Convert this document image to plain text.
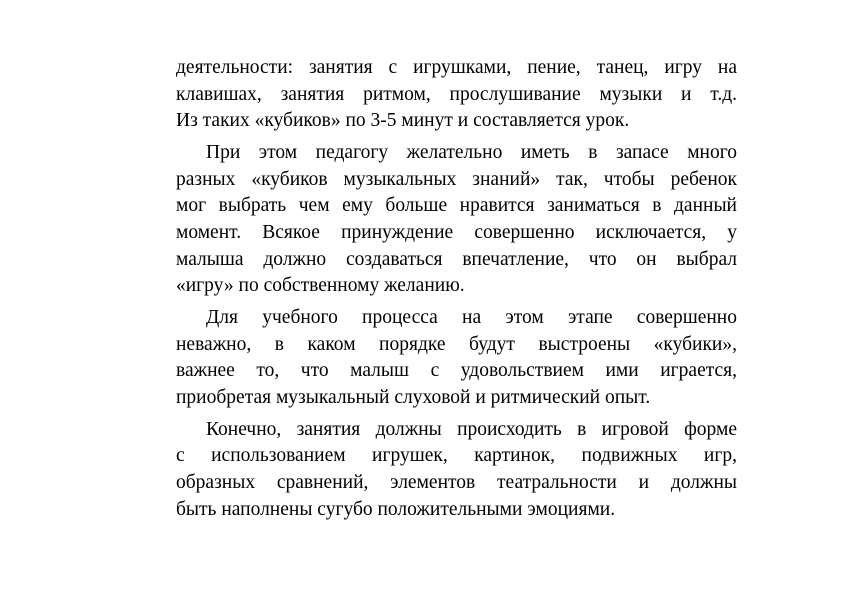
деятельности: занятия с игрушками, пение, танец, игру на
клавишах, занятия ритмом, прослушивание музыки и т.д.
Из таких «кубиков» по 3-5 минут и составляется урок.

При этом педагогу желательно иметь в запасе много
разных «кубиков музыкальных знаний» так, чтобы ребенок
мог выбрать чем ему больше нравится заниматься в данный
момент. Всякое принуждение совершенно исключается, у
малыша должно создаваться впечатление, что он выбрал
«игру» по собственному желанию.

Для учебного процесса на этом этапе совершенно
неважно, в каком порядке будут выстроены «кубики»,
важнее то, что малыш с удовольствием ими играется,
приобретая музыкальный слуховой и ритмический опыт.

Конечно, занятия должны происходить в игровой форме
с использованием игрушек, картинок, подвижных игр,
образных сравнений, элементов театральности и должны
быть наполнены сугубо положительными эмоциями.
